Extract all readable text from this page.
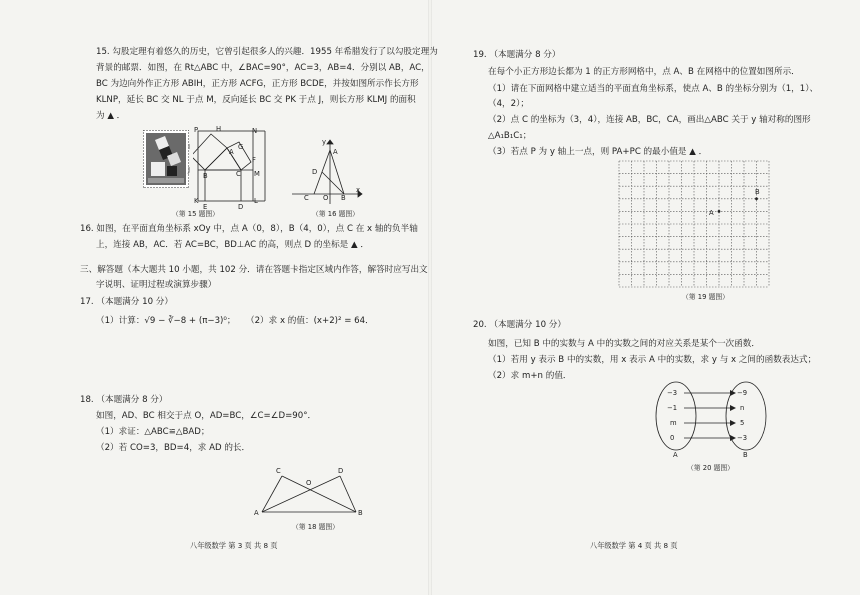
15. 勾股定理有着悠久的历史，它曾引起很多人的兴趣．1955 年希腊发行了以勾股定理为
背景的邮票．如图，在 Rt△ABC 中，∠BAC=90°，AC=3，AB=4．分别以 AB，AC，
BC 为边向外作正方形 ABIH，正方形 ACFG，正方形 BCDE，并按如图所示作长方形
KLNP，延长 BC 交 NL 于点 M，反向延长 BC 交 PK 于点 J，则长方形 KLMJ 的面积
为 ▲ ．
P	H	N
I	G
A
F
J
B	C M
K
E	D
L
y
A
D
C O B
x
（第 15 题图）	（第 16 题图）
16. 如图，在平面直角坐标系 xOy 中，点 A（0，8），B（4，0），点 C 在 x 轴的负半轴
上，连接 AB，AC．若 AC=BC，BD⊥AC 的高，则点 D 的坐标是 ▲ ．
三、解答题（本大题共 10 小题，共 102 分．请在答题卡指定区域内作答，解答时应写出文
字说明、证明过程或演算步骤）
17. （本题满分 10 分）
（1）计算：√9 − ∛−8 + (π−3)⁰； （2）求 x 的值：(x+2)² = 64．
18. （本题满分 8 分）
如图，AD、BC 相交于点 O，AD=BC，∠C=∠D=90°．
（1）求证：△ABC≌△BAD；
（2）若 CO=3，BD=4，求 AD 的长．
C	D
O
A	B
（第 18 题图）
八年级数学 第 3 页 共 8 页
19. （本题满分 8 分）
在每个小正方形边长都为 1 的正方形网格中，点 A、B 在网格中的位置如图所示．
（1）请在下面网格中建立适当的平面直角坐标系，使点 A、B 的坐标分别为（1，1）、
（4，2）；
（2）点 C 的坐标为（3，4），连接 AB，BC，CA，画出△ABC 关于 y 轴对称的图形
△A₁B₁C₁；
（3）若点 P 为 y 轴上一点，则 PA+PC 的最小值是 ▲ ．
B
A
（第 19 题图）
20. （本题满分 10 分）
如图，已知 B 中的实数与 A 中的实数之间的对应关系是某个一次函数．
（1）若用 y 表示 B 中的实数，用 x 表示 A 中的实数，求 y 与 x 之间的函数表达式；
（2）求 m+n 的值．
−3
−1
m
0
−9
n
5
−3
A	B
（第 20 题图）
八年级数学 第 4 页 共 8 页
